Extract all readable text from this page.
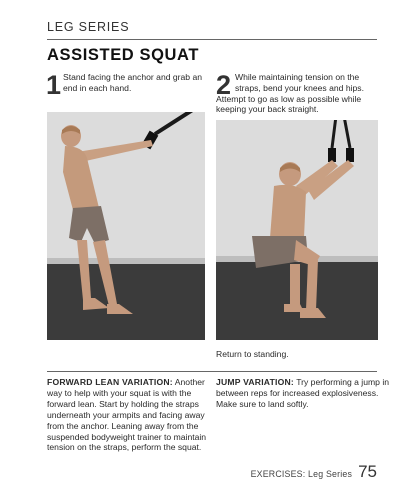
LEG SERIES
ASSISTED SQUAT
1 Stand facing the anchor and grab an
end in each hand.	2 While maintaining tension on the
straps, bend your knees and hips.
Attempt to go as low as possible while
keeping your back straight.
Return to standing.
FORWARD LEAN VARIATION: Another
way to help with your squat is with the
forward lean. Start by holding the straps
underneath your armpits and facing away
from the anchor. Leaning away from the
suspended bodyweight trainer to maintain
tension on the straps, perform the squat.
JUMP VARIATION: Try performing a jump in
between reps for increased explosiveness.
Make sure to land softly.
EXERCISES: Leg Series 75
